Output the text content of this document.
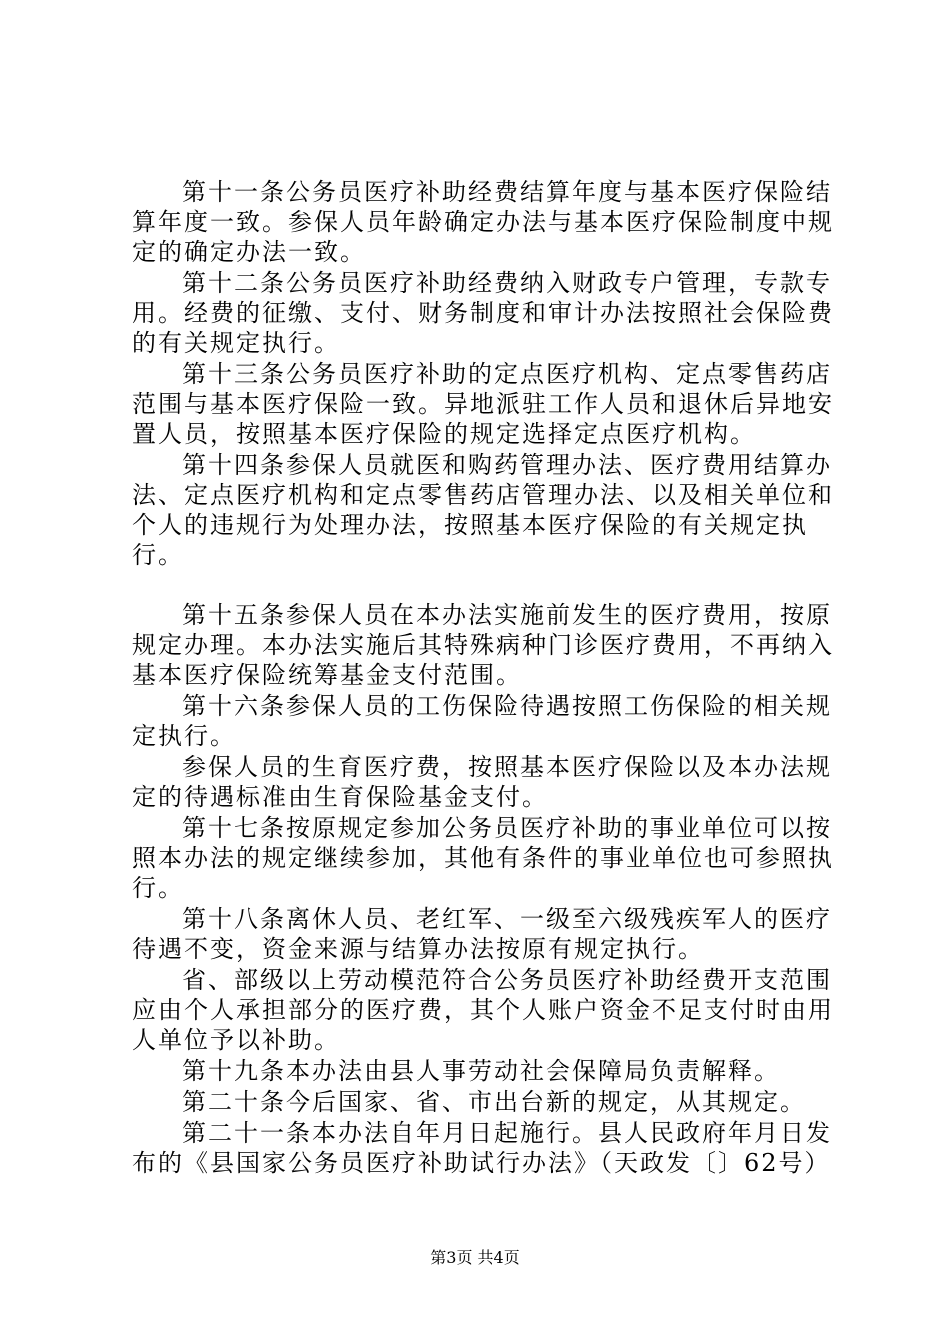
第十一条公务员医疗补助经费结算年度与基本医疗保险结算年度一致。参保人员年龄确定办法与基本医疗保险制度中规定的确定办法一致。

第十二条公务员医疗补助经费纳入财政专户管理，专款专用。经费的征缴、支付、财务制度和审计办法按照社会保险费的有关规定执行。

第十三条公务员医疗补助的定点医疗机构、定点零售药店范围与基本医疗保险一致。异地派驻工作人员和退休后异地安置人员，按照基本医疗保险的规定选择定点医疗机构。

第十四条参保人员就医和购药管理办法、医疗费用结算办法、定点医疗机构和定点零售药店管理办法、以及相关单位和个人的违规行为处理办法，按照基本医疗保险的有关规定执行。

第十五条参保人员在本办法实施前发生的医疗费用，按原规定办理。本办法实施后其特殊病种门诊医疗费用，不再纳入基本医疗保险统筹基金支付范围。

第十六条参保人员的工伤保险待遇按照工伤保险的相关规定执行。

参保人员的生育医疗费，按照基本医疗保险以及本办法规定的待遇标准由生育保险基金支付。

第十七条按原规定参加公务员医疗补助的事业单位可以按照本办法的规定继续参加，其他有条件的事业单位也可参照执行。

第十八条离休人员、老红军、一级至六级残疾军人的医疗待遇不变，资金来源与结算办法按原有规定执行。

省、部级以上劳动模范符合公务员医疗补助经费开支范围应由个人承担部分的医疗费，其个人账户资金不足支付时由用人单位予以补助。

第十九条本办法由县人事劳动社会保障局负责解释。

第二十条今后国家、省、市出台新的规定，从其规定。

第二十一条本办法自年月日起施行。县人民政府年月日发布的《县国家公务员医疗补助试行办法》（天政发〔〕62号）

第3页 共4页
